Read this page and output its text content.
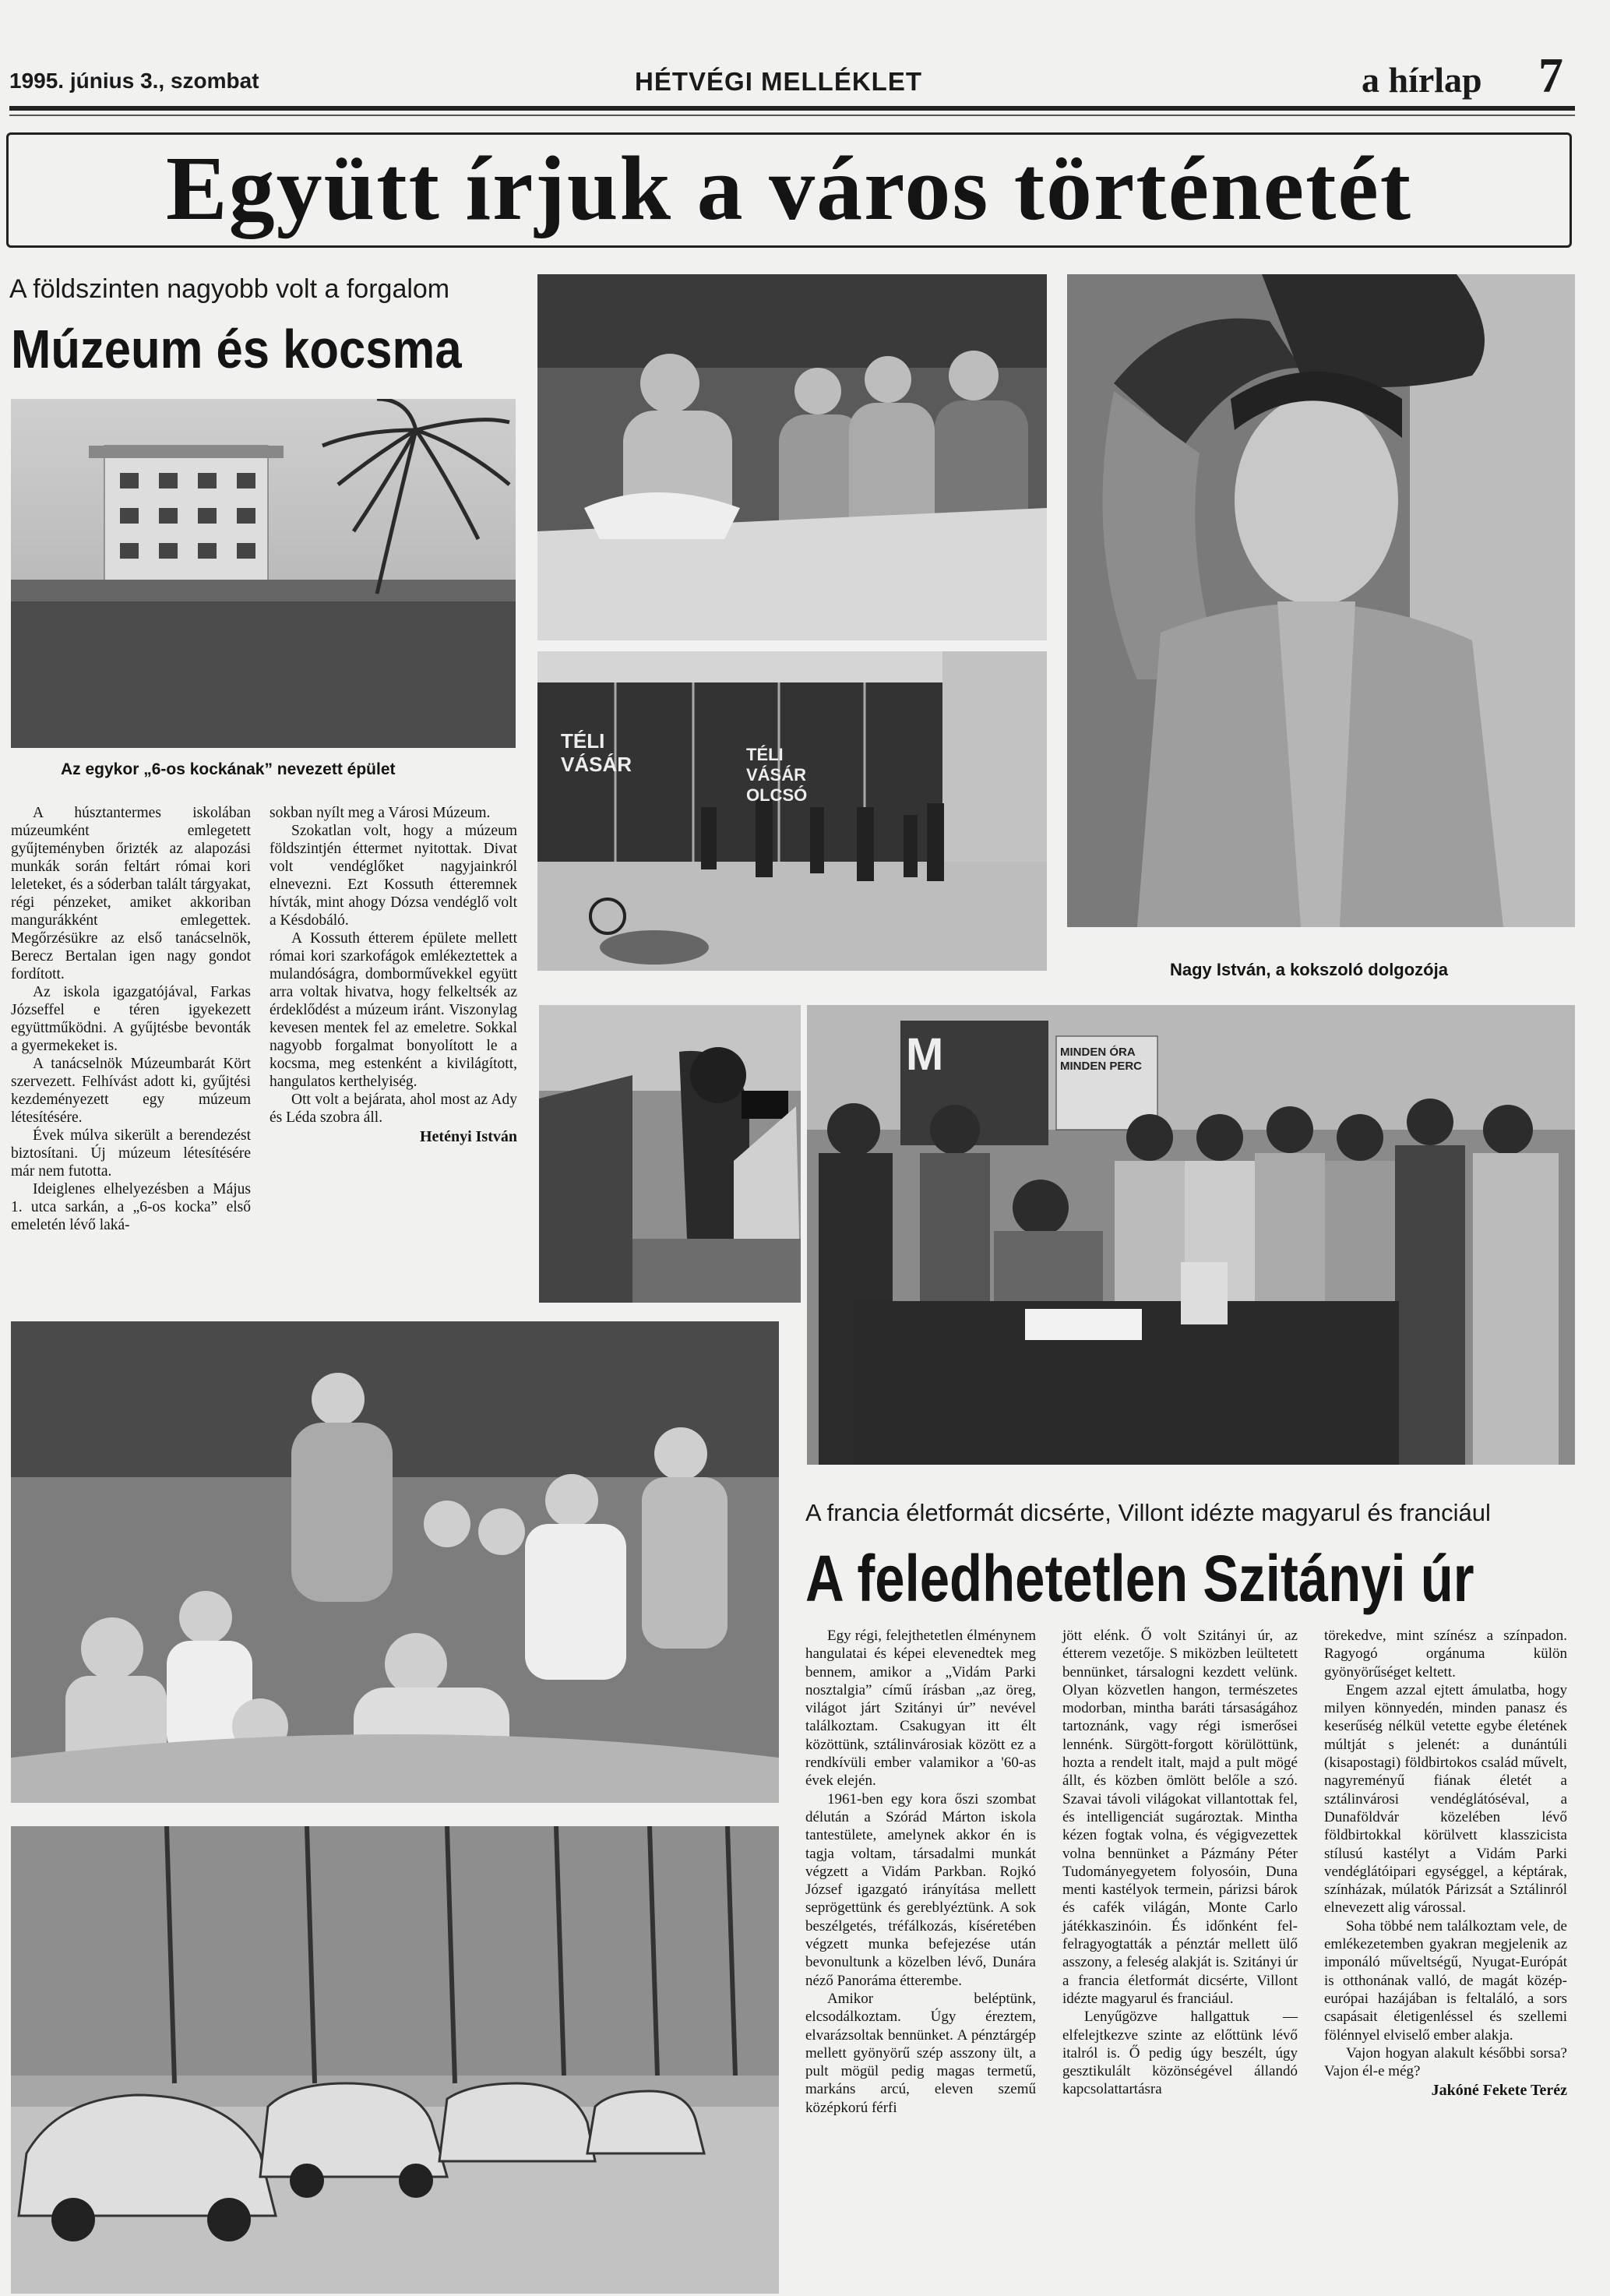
1995. június 3., szombat	HÉTVÉGI MELLÉKLET	a hírlap 7
Együtt írjuk a város történetét
A földszinten nagyobb volt a forgalom
Múzeum és kocsma
Az egykor „6-os kockának” nevezett épület

A húsztantermes iskolában múzeumként emlegetett gyűjteményben őrizték az alapozási munkák során feltárt római kori leleteket, és a sóderban talált tárgyakat, régi pénzeket, amiket akkoriban mangurákként emlegettek. Megőrzésükre az első tanácselnök, Berecz Bertalan igen nagy gondot fordított.

Az iskola igazgatójával, Farkas Józseffel e téren igyekezett együttműködni. A gyűjtésbe bevonták a gyermekeket is.

A tanácselnök Múzeumbarát Kört szervezett. Felhívást adott ki, gyűjtési kezdeményezett egy múzeum létesítésére.

Évek múlva sikerült a berendezést biztosítani. Új múzeum létesítésére már nem futotta.

Ideiglenes elhelyezésben a Május 1. utca sarkán, a „6-os kocka” első emeletén lévő laká-

sokban nyílt meg a Városi Múzeum.

Szokatlan volt, hogy a múzeum földszintjén éttermet nyitottak. Divat volt vendéglőket nagyjainkról elnevezni. Ezt Kossuth étteremnek hívták, mint ahogy Dózsa vendéglő volt a Késdobáló.

A Kossuth étterem épülete mellett római kori szarkofágok emlékeztettek a mulandóságra, domborművekkel együtt arra voltak hivatva, hogy felkeltsék az érdeklődést a múzeum iránt. Viszonylag kevesen mentek fel az emeletre. Sokkal nagyobb forgalmat bonyolított le a kocsma, meg estenként a kivilágított, hangulatos kerthelyiség.

Ott volt a bejárata, ahol most az Ady és Léda szobra áll.

Hetényi István
Nagy István, a kokszoló dolgozója
TÉLI VÁSÁR	TÉLI VÁSÁR OLCSÓ
M	MINDEN ÓRA MINDEN PERC
A francia életformát dicsérte, Villont idézte magyarul és franciául
A feledhetetlen Szitányi úr

Egy régi, felejthetetlen élménynem hangulatai és képei elevenedtek meg bennem, amikor a „Vidám Parki nosztalgia” című írásban „az öreg, világot járt Szitányi úr” nevével találkoztam. Csakugyan itt élt közöttünk, sztálinvárosiak között ez a rendkívüli ember valamikor a '60-as évek elején.

1961-ben egy kora őszi szombat délután a Szórád Márton iskola tantestülete, amelynek akkor én is tagja voltam, társadalmi munkát végzett a Vidám Parkban. Rojkó József igazgató irányítása mellett seprögettünk és gereblyéztünk. A sok beszélgetés, tréfálkozás, kíséretében végzett munka befejezése után bevonultunk a közelben lévő, Dunára néző Panoráma étterembe.

Amikor beléptünk, elcsodálkoztam. Úgy éreztem, elvarázsoltak bennünket. A pénztárgép mellett gyönyörű szép asszony ült, a pult mögül pedig magas termetű, markáns arcú, eleven szemű középkorú férfi

jött elénk. Ő volt Szitányi úr, az étterem vezetője. S miközben leültetett bennünket, társalogni kezdett velünk. Olyan közvetlen hangon, természetes modorban, mintha baráti társaságához tartoznánk, vagy régi ismerősei lennénk. Sürgött-forgott körülöttünk, hozta a rendelt italt, majd a pult mögé állt, és közben ömlött belőle a szó. Szavai távoli világokat villantottak fel, és intelligenciát sugároztak. Mintha kézen fogtak volna, és végigvezettek volna bennünket a Pázmány Péter Tudományegyetem folyosóin, Duna menti kastélyok termein, párizsi bárok és cafék világán, Monte Carlo játékkaszinóin. És időnként fel-felragyogtatták a pénztár mellett ülő asszony, a feleség alakját is. Szitányi úr a francia életformát dicsérte, Villont idézte magyarul és franciául.

Lenyűgözve hallgattuk — elfelejtkezve szinte az előttünk lévő italról is. Ő pedig úgy beszélt, úgy gesztikulált közönségével állandó kapcsolattartásra

törekedve, mint színész a színpadon. Ragyogó orgánuma külön gyönyörűséget keltett.

Engem azzal ejtett ámulatba, hogy milyen könnyedén, minden panasz és keserűség nélkül vetette egybe életének múltját s jelenét: a dunántúli (kisapostagi) földbirtokos család művelt, nagyreményű fiának életét a sztálinvárosi vendéglátóséval, a Dunaföldvár közelében lévő földbirtokkal körülvett klasszicista stílusú kastélyt a Vidám Parki vendéglátóipari egységgel, a képtárak, színházak, múlatók Párizsát a Sztálinról elnevezett alig várossal.

Soha többé nem találkoztam vele, de emlékezetemben gyakran megjelenik az imponáló műveltségű, Nyugat-Európát is otthonának valló, de magát közép-európai hazájában is feltaláló, a sors csapásait életigenléssel és szellemi fölénnyel elviselő ember alakja.

Vajon hogyan alakult későbbi sorsa? Vajon él-e még?

Jakóné Fekete Teréz
